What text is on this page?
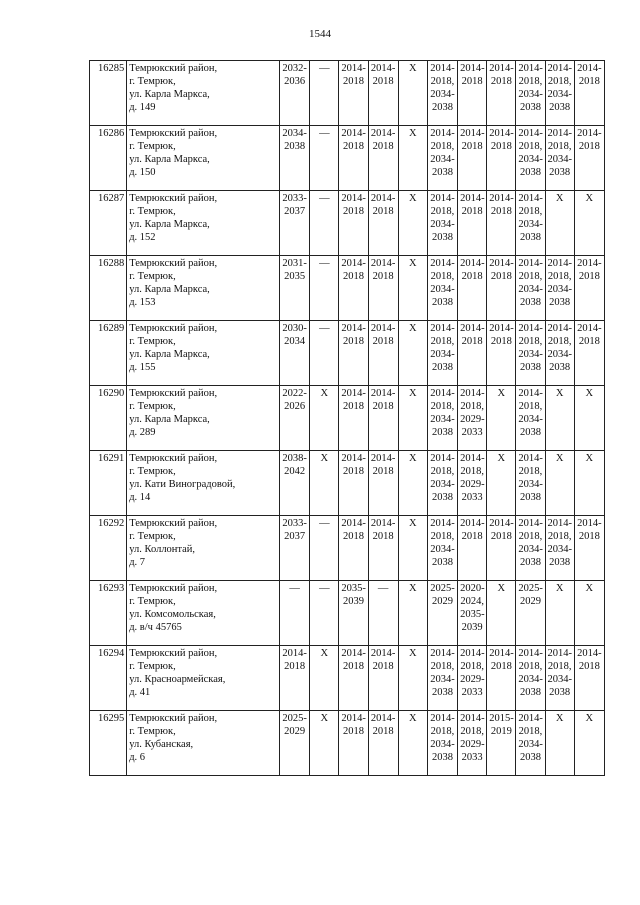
1544
16285	Темрюкский район,
г. Темрюк,
ул. Карла Маркса,
д. 149	2032-
2036	—	2014-
2018	2014-
2018	Х	2014-
2018,
2034-
2038	2014-
2018	2014-
2018	2014-
2018,
2034-
2038	2014-
2018,
2034-
2038	2014-
2018

16286	Темрюкский район,
г. Темрюк,
ул. Карла Маркса,
д. 150	2034-
2038	—	2014-
2018	2014-
2018	Х	2014-
2018,
2034-
2038	2014-
2018	2014-
2018	2014-
2018,
2034-
2038	2014-
2018,
2034-
2038	2014-
2018

16287	Темрюкский район,
г. Темрюк,
ул. Карла Маркса,
д. 152	2033-
2037	—	2014-
2018	2014-
2018	Х	2014-
2018,
2034-
2038	2014-
2018	2014-
2018	2014-
2018,
2034-
2038	Х	Х

16288	Темрюкский район,
г. Темрюк,
ул. Карла Маркса,
д. 153	2031-
2035	—	2014-
2018	2014-
2018	Х	2014-
2018,
2034-
2038	2014-
2018	2014-
2018	2014-
2018,
2034-
2038	2014-
2018,
2034-
2038	2014-
2018

16289	Темрюкский район,
г. Темрюк,
ул. Карла Маркса,
д. 155	2030-
2034	—	2014-
2018	2014-
2018	Х	2014-
2018,
2034-
2038	2014-
2018	2014-
2018	2014-
2018,
2034-
2038	2014-
2018,
2034-
2038	2014-
2018

16290	Темрюкский район,
г. Темрюк,
ул. Карла Маркса,
д. 289	2022-
2026	Х	2014-
2018	2014-
2018	Х	2014-
2018,
2034-
2038	2014-
2018,
2029-
2033	Х	2014-
2018,
2034-
2038	Х	Х

16291	Темрюкский район,
г. Темрюк,
ул. Кати Виноградовой,
д. 14	2038-
2042	Х	2014-
2018	2014-
2018	Х	2014-
2018,
2034-
2038	2014-
2018,
2029-
2033	Х	2014-
2018,
2034-
2038	Х	Х

16292	Темрюкский район,
г. Темрюк,
ул. Коллонтай,
д. 7	2033-
2037	—	2014-
2018	2014-
2018	Х	2014-
2018,
2034-
2038	2014-
2018	2014-
2018	2014-
2018,
2034-
2038	2014-
2018,
2034-
2038	2014-
2018

16293	Темрюкский район,
г. Темрюк,
ул. Комсомольская,
д. в/ч 45765	—	—	2035-
2039	—	Х	2025-
2029	2020-
2024,
2035-
2039	Х	2025-
2029	Х	Х

16294	Темрюкский район,
г. Темрюк,
ул. Красноармейская,
д. 41	2014-
2018	Х	2014-
2018	2014-
2018	Х	2014-
2018,
2034-
2038	2014-
2018,
2029-
2033	2014-
2018	2014-
2018,
2034-
2038	2014-
2018,
2034-
2038	2014-
2018

16295	Темрюкский район,
г. Темрюк,
ул. Кубанская,
д. 6	2025-
2029	Х	2014-
2018	2014-
2018	Х	2014-
2018,
2034-
2038	2014-
2018,
2029-
2033	2015-
2019	2014-
2018,
2034-
2038	Х	Х
